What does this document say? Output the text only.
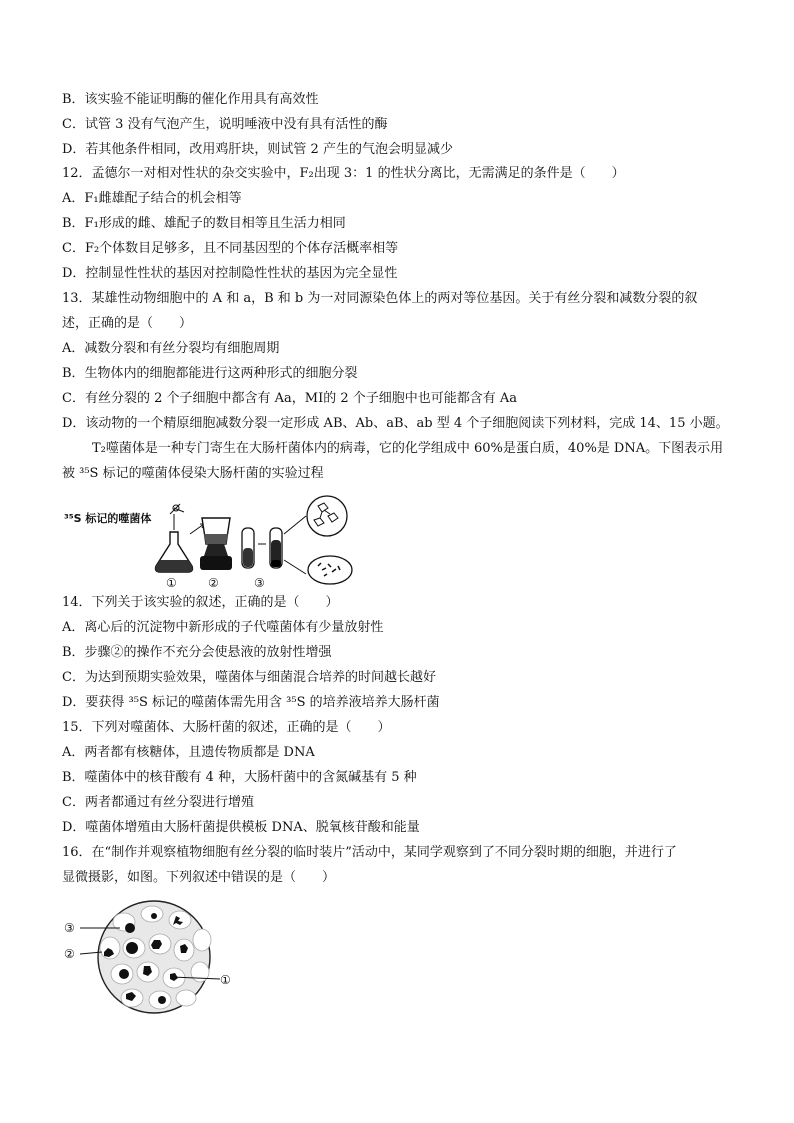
B．该实验不能证明酶的催化作用具有高效性
C．试管 3 没有气泡产生，说明唾液中没有具有活性的酶
D．若其他条件相同，改用鸡肝块，则试管 2 产生的气泡会明显减少
12．孟德尔一对相对性状的杂交实验中，F₂出现 3：1 的性状分离比，无需满足的条件是（　　）
A．F₁雌雄配子结合的机会相等
B．F₁形成的雌、雄配子的数目相等且生活力相同
C．F₂个体数目足够多，且不同基因型的个体存活概率相等
D．控制显性性状的基因对控制隐性性状的基因为完全显性
13．某雄性动物细胞中的 A 和 a，B 和 b 为一对同源染色体上的两对等位基因。关于有丝分裂和减数分裂的叙
述，正确的是（　　）
A．减数分裂和有丝分裂均有细胞周期
B．生物体内的细胞都能进行这两种形式的细胞分裂
C．有丝分裂的 2 个子细胞中都含有 Aa，MⅠ的 2 个子细胞中也可能都含有 Aa
D．该动物的一个精原细胞减数分裂一定形成 AB、Ab、aB、ab 型 4 个子细胞阅读下列材料，完成 14、15 小题。
T₂噬菌体是一种专门寄生在大肠杆菌体内的病毒，它的化学组成中 60%是蛋白质，40%是 DNA。下图表示用
被 ³⁵S 标记的噬菌体侵染大肠杆菌的实验过程
³⁵S 标记的噬菌体
①	②	③
14．下列关于该实验的叙述，正确的是（　　）
A．离心后的沉淀物中新形成的子代噬菌体有少量放射性
B．步骤②的操作不充分会使悬液的放射性增强
C．为达到预期实验效果，噬菌体与细菌混合培养的时间越长越好
D．要获得 ³⁵S 标记的噬菌体需先用含 ³⁵S 的培养液培养大肠杆菌
15．下列对噬菌体、大肠杆菌的叙述，正确的是（　　）
A．两者都有核糖体，且遗传物质都是 DNA
B．噬菌体中的核苷酸有 4 种，大肠杆菌中的含氮碱基有 5 种
C．两者都通过有丝分裂进行增殖
D．噬菌体增殖由大肠杆菌提供模板 DNA、脱氧核苷酸和能量
16．在“制作并观察植物细胞有丝分裂的临时装片”活动中，某同学观察到了不同分裂时期的细胞，并进行了
显微摄影，如图。下列叙述中错误的是（　　）
③
②
①
